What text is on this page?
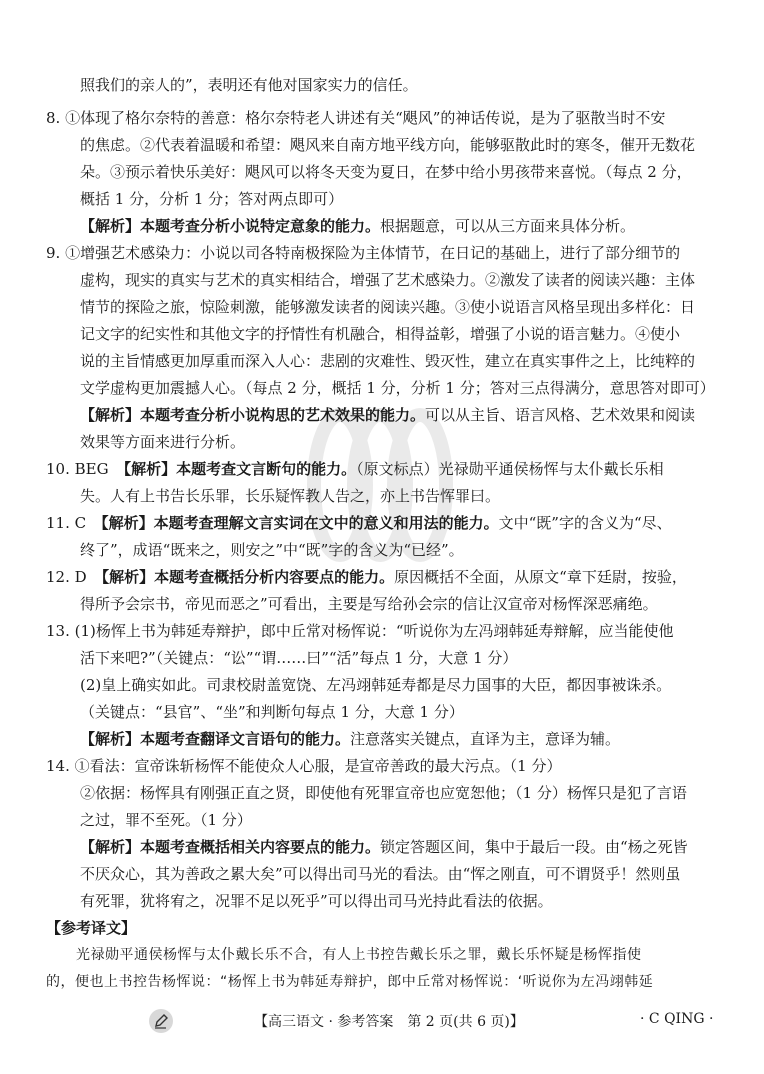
照我们的亲人的”，表明还有他对国家实力的信任。
8. ①体现了格尔奈特的善意：格尔奈特老人讲述有关“飓风”的神话传说，是为了驱散当时不安
的焦虑。②代表着温暖和希望：飓风来自南方地平线方向，能够驱散此时的寒冬，催开无数花
朵。③预示着快乐美好：飓风可以将冬天变为夏日，在梦中给小男孩带来喜悦。（每点 2 分，
概括 1 分，分析 1 分；答对两点即可）
【解析】本题考查分析小说特定意象的能力。根据题意，可以从三方面来具体分析。
9. ①增强艺术感染力：小说以司各特南极探险为主体情节，在日记的基础上，进行了部分细节的
虚构，现实的真实与艺术的真实相结合，增强了艺术感染力。②激发了读者的阅读兴趣：主体
情节的探险之旅，惊险刺激，能够激发读者的阅读兴趣。③使小说语言风格呈现出多样化：日
记文字的纪实性和其他文字的抒情性有机融合，相得益彰，增强了小说的语言魅力。④使小
说的主旨情感更加厚重而深入人心：悲剧的灾难性、毁灭性，建立在真实事件之上，比纯粹的
文学虚构更加震撼人心。（每点 2 分，概括 1 分，分析 1 分；答对三点得满分，意思答对即可）
【解析】本题考查分析小说构思的艺术效果的能力。可以从主旨、语言风格、艺术效果和阅读
效果等方面来进行分析。
10. BEG　【解析】本题考查文言断句的能力。（原文标点）光禄勋平通侯杨恽与太仆戴长乐相
失。人有上书告长乐罪，长乐疑恽教人告之，亦上书告恽罪曰。
11. C　【解析】本题考查理解文言实词在文中的意义和用法的能力。文中“既”字的含义为“尽、
终了”，成语“既来之，则安之”中“既”字的含义为“已经”。
12. D　【解析】本题考查概括分析内容要点的能力。原因概括不全面，从原文“章下廷尉，按验，
得所予会宗书，帝见而恶之”可看出，主要是写给孙会宗的信让汉宣帝对杨恽深恶痛绝。
13. (1)杨恽上书为韩延寿辩护，郎中丘常对杨恽说：“听说你为左冯翊韩延寿辩解，应当能使他
活下来吧?”（关键点：“讼”“谓……曰”“活”每点 1 分，大意 1 分）
(2)皇上确实如此。司隶校尉盖宽饶、左冯翊韩延寿都是尽力国事的大臣，都因事被诛杀。
（关键点：“县官”、“坐”和判断句每点 1 分，大意 1 分）
【解析】本题考查翻译文言语句的能力。注意落实关键点，直译为主，意译为辅。
14. ①看法：宣帝诛斩杨恽不能使众人心服，是宣帝善政的最大污点。（1 分）
②依据：杨恽具有刚强正直之贤，即使他有死罪宣帝也应宽恕他；（1 分）杨恽只是犯了言语
之过，罪不至死。（1 分）
【解析】本题考查概括相关内容要点的能力。锁定答题区间，集中于最后一段。由“杨之死皆
不厌众心，其为善政之累大矣”可以得出司马光的看法。由“恽之刚直，可不谓贤乎！然则虽
有死罪，犹将宥之，况罪不足以死乎”可以得出司马光持此看法的依据。
【参考译文】
光禄勋平通侯杨恽与太仆戴长乐不合，有人上书控告戴长乐之罪，戴长乐怀疑是杨恽指使
的，便也上书控告杨恽说：“杨恽上书为韩延寿辩护，郎中丘常对杨恽说：‘听说你为左冯翊韩延
【高三语文 · 参考答案　第 2 页(共 6 页)】	· C QING ·
